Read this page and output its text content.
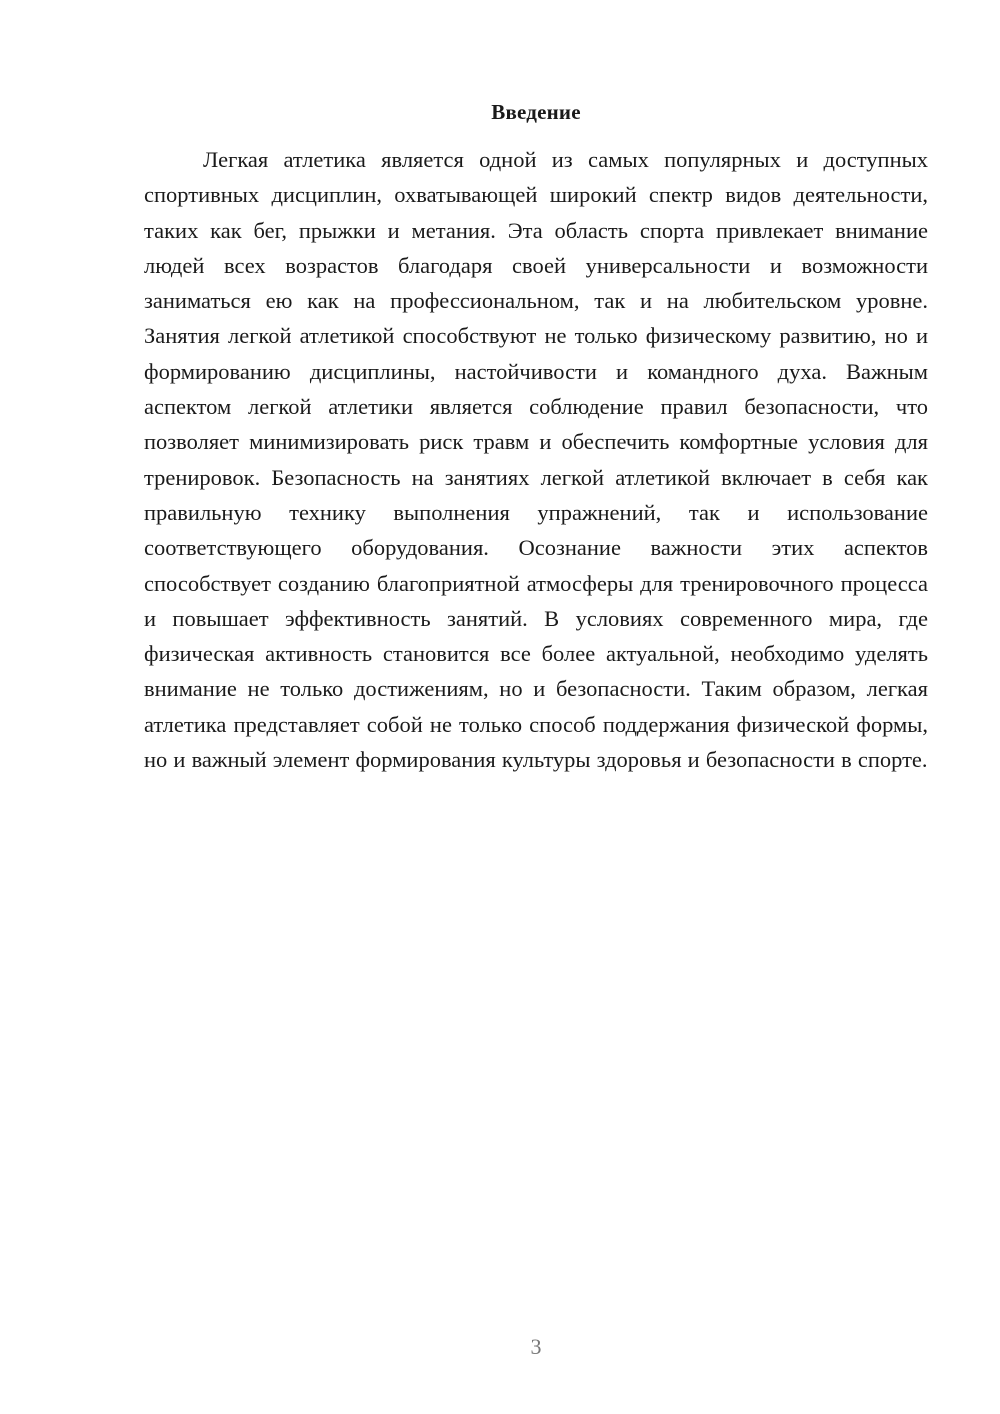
Введение

Легкая атлетика является одной из самых популярных и доступных спортивных дисциплин, охватывающей широкий спектр видов деятельности, таких как бег, прыжки и метания. Эта область спорта привлекает внимание людей всех возрастов благодаря своей универсальности и возможности заниматься ею как на профессиональном, так и на любительском уровне. Занятия легкой атлетикой способствуют не только физическому развитию, но и формированию дисциплины, настойчивости и командного духа. Важным аспектом легкой атлетики является соблюдение правил безопасности, что позволяет минимизировать риск травм и обеспечить комфортные условия для тренировок. Безопасность на занятиях легкой атлетикой включает в себя как правильную технику выполнения упражнений, так и использование соответствующего оборудования. Осознание важности этих аспектов способствует созданию благоприятной атмосферы для тренировочного процесса и повышает эффективность занятий. В условиях современного мира, где физическая активность становится все более актуальной, необходимо уделять внимание не только достижениям, но и безопасности. Таким образом, легкая атлетика представляет собой не только способ поддержания физической формы, но и важный элемент формирования культуры здоровья и безопасности в спорте.

3
